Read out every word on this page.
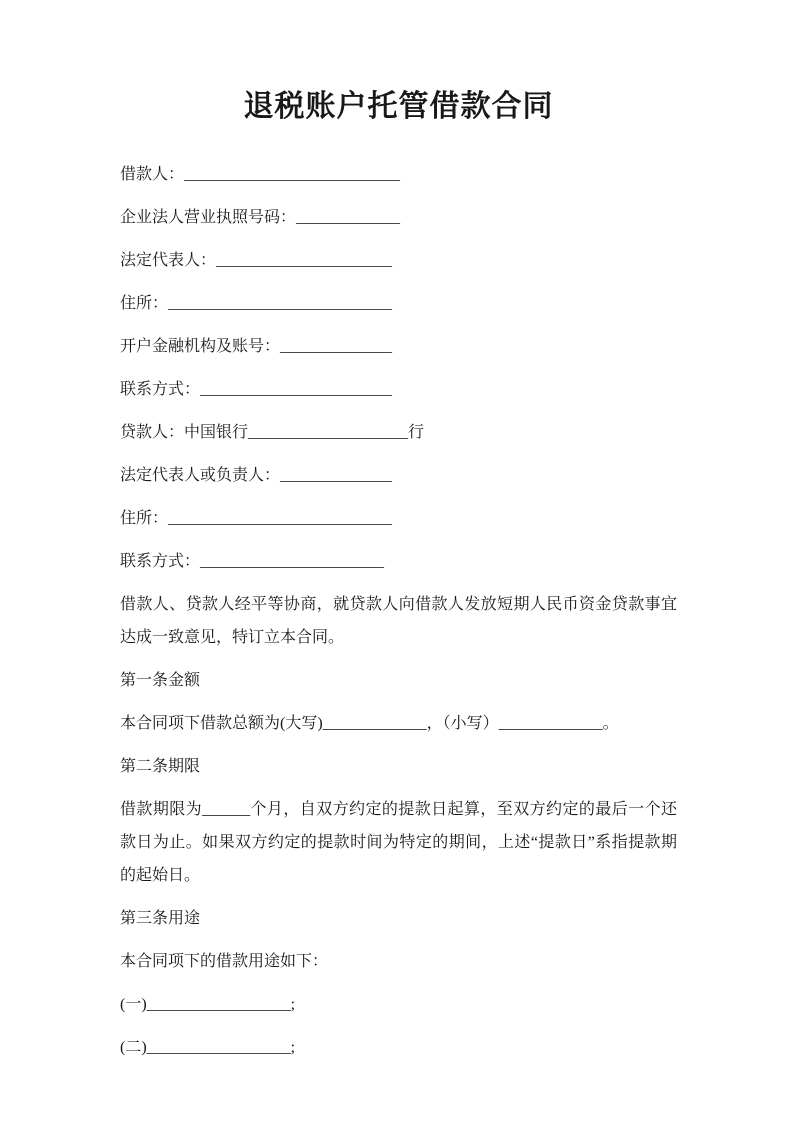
退税账户托管借款合同

借款人：___________________________

企业法人营业执照号码：_____________

法定代表人：______________________

住所：____________________________

开户金融机构及账号：______________

联系方式：________________________

贷款人：中国银行____________________行

法定代表人或负责人：______________

住所：____________________________

联系方式：_______________________

借款人、贷款人经平等协商，就贷款人向借款人发放短期人民币资金贷款事宜达成一致意见，特订立本合同。

第一条金额

本合同项下借款总额为(大写)_____________，（小写）_____________。

第二条期限

借款期限为______个月，自双方约定的提款日起算，至双方约定的最后一个还款日为止。如果双方约定的提款时间为特定的期间，上述“提款日”系指提款期的起始日。

第三条用途

本合同项下的借款用途如下：

(一)__________________;

(二)__________________;
